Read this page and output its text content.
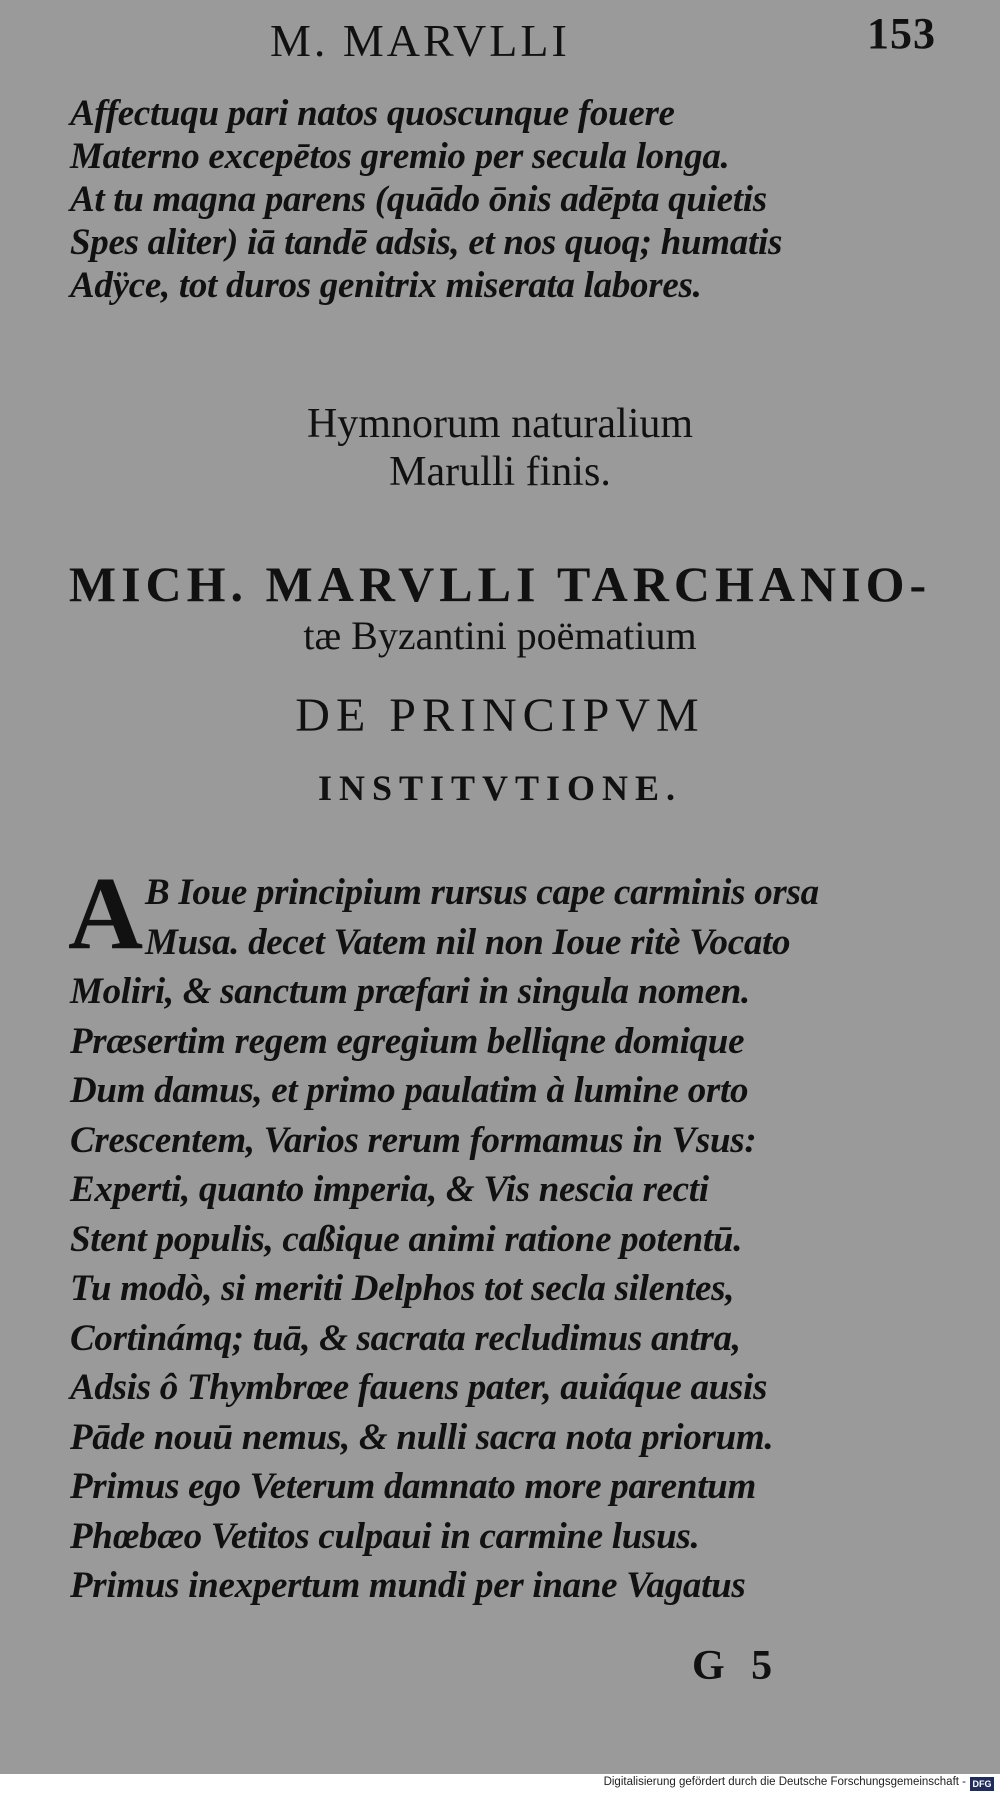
M. MARVLLI	153
Affectuqu pari natos quoscunque fouere
Materno excepētos gremio per secula longa.
At tu magna parens (quādo ōnis adēpta quietis
Spes aliter) iā tandē adsis, et nos quoq; humatis
Adÿce, tot duros genitrix miserata labores.
Hymnorum naturalium
Marulli finis.
MICH. MARVLLI TARCHANIO-
tæ Byzantini poëmatium
DE PRINCIPVM
INSTITVTIONE.
A B Ioue principium rursus cape carminis orsa
Musa. decet Vatem nil non Ioue ritè Vocato
Moliri, & sanctum præfari in singula nomen.
Præsertim regem egregium belliqne domique
Dum damus, et primo paulatim à lumine orto
Crescentem, Varios rerum formamus in Vsus:
Experti, quanto imperia, & Vis nescia recti
Stent populis, caßique animi ratione potentū.
Tu modò, si meriti Delphos tot secla silentes,
Cortinámq; tuā, & sacrata recludimus antra,
Adsis ô Thymbrœe fauens pater, auiáque ausis
Pāde nouū nemus, & nulli sacra nota priorum.
Primus ego Veterum damnato more parentum
Phœbæo Vetitos culpaui in carmine lusus.
Primus inexpertum mundi per inane Vagatus
G 5
Digitalisierung gefördert durch die Deutsche Forschungsgemeinschaft - DFG
